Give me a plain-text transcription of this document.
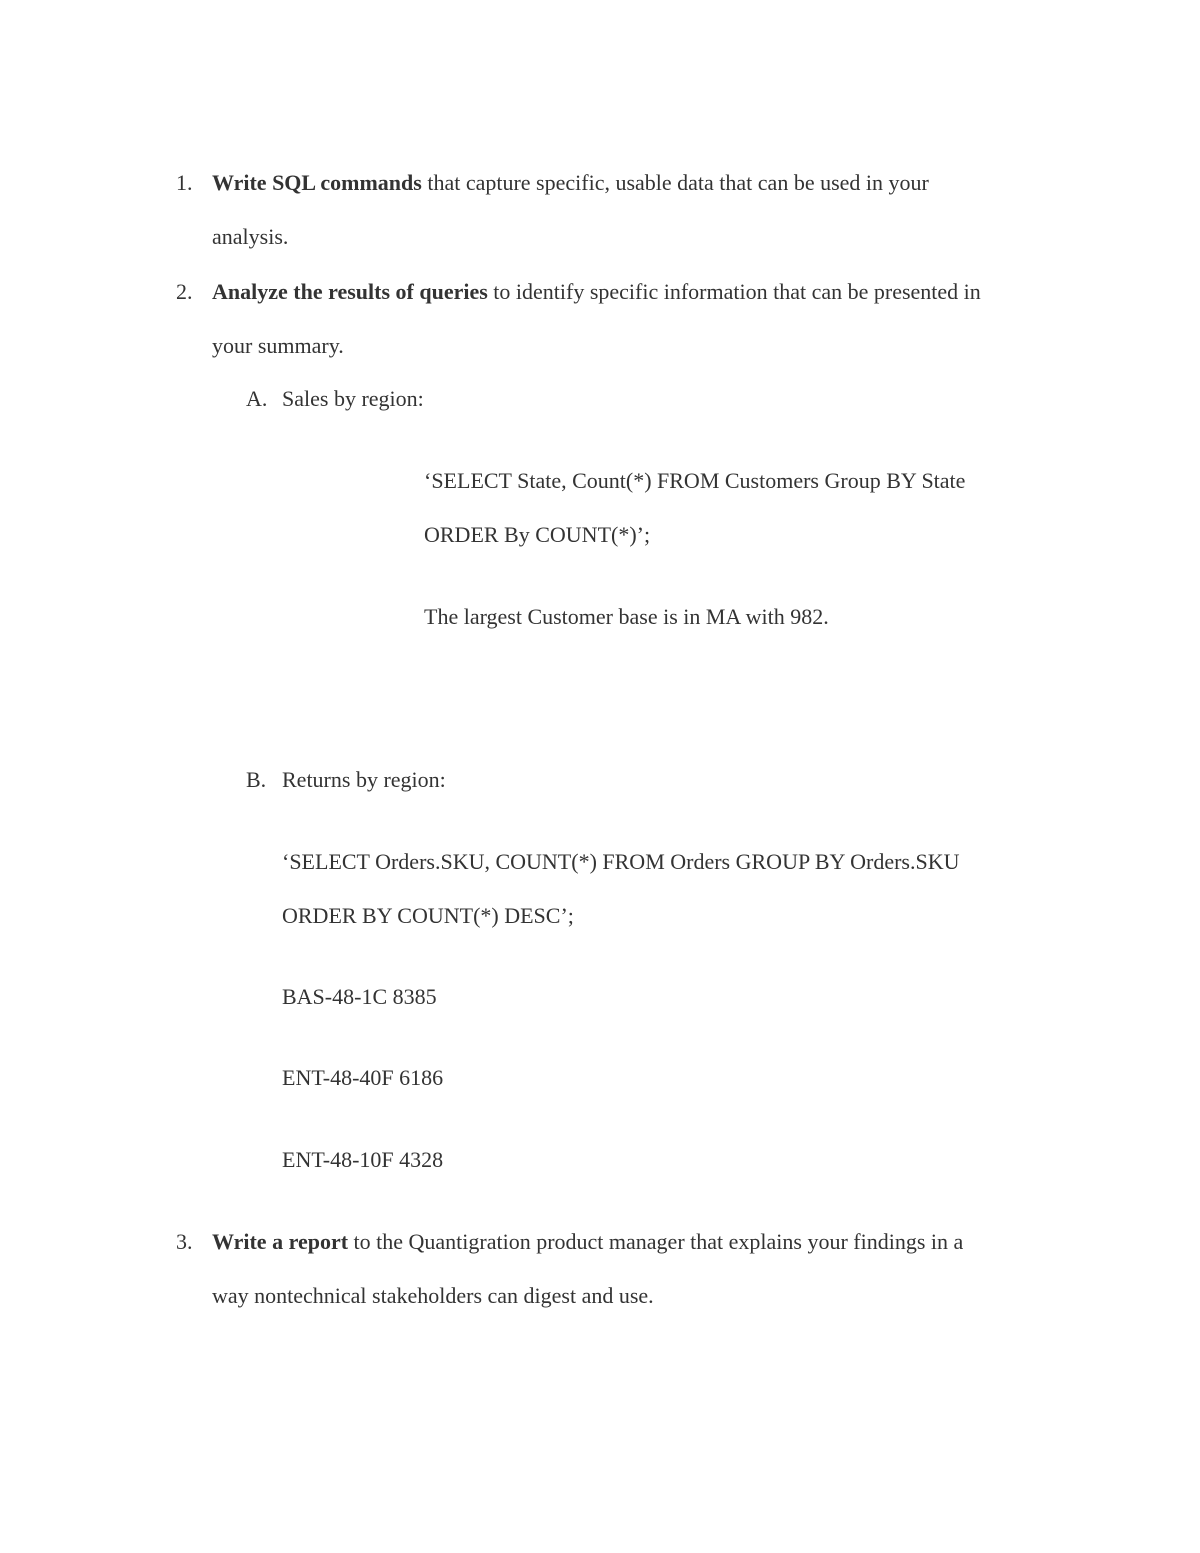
1. Write SQL commands that capture specific, usable data that can be used in your
analysis.
2. Analyze the results of queries to identify specific information that can be presented in
your summary.
A. Sales by region:
‘SELECT State, Count(*) FROM Customers Group BY State
ORDER By COUNT(*)’;
The largest Customer base is in MA with 982.
B. Returns by region:
‘SELECT Orders.SKU, COUNT(*) FROM Orders GROUP BY Orders.SKU
ORDER BY COUNT(*) DESC’;
BAS-48-1C 8385
ENT-48-40F 6186
ENT-48-10F 4328
3. Write a report to the Quantigration product manager that explains your findings in a
way nontechnical stakeholders can digest and use.
